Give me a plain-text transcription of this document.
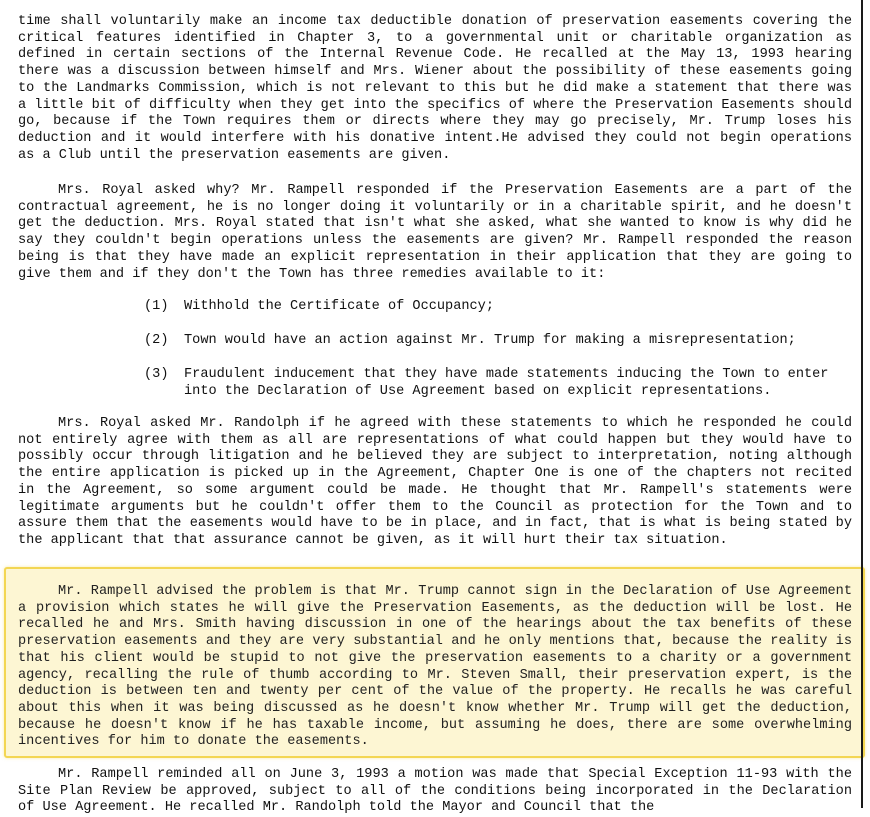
time shall voluntarily make an income tax deductible donation of preservation easements covering the critical features identified in Chapter 3, to a governmental unit or charitable organization as defined in certain sections of the Internal Revenue Code. He recalled at the May 13, 1993 hearing there was a discussion between himself and Mrs. Wiener about the possibility of these easements going to the Landmarks Commission, which is not relevant to this but he did make a statement that there was a little bit of difficulty when they get into the specifics of where the Preservation Easements should go, because if the Town requires them or directs where they may go precisely, Mr. Trump loses his deduction and it would interfere with his donative intent.He advised they could not begin operations as a Club until the preservation easements are given.

Mrs. Royal asked why? Mr. Rampell responded if the Preservation Easements are a part of the contractual agreement, he is no longer doing it voluntarily or in a charitable spirit, and he doesn't get the deduction. Mrs. Royal stated that isn't what she asked, what she wanted to know is why did he say they couldn't begin operations unless the easements are given? Mr. Rampell responded the reason being is that they have made an explicit representation in their application that they are going to give them and if they don't the Town has three remedies available to it:

(1)	Withhold the Certificate of Occupancy;
(2)	Town would have an action against Mr. Trump for making a misrepresentation;
(3)	Fraudulent inducement that they have made statements inducing the Town to enter into the Declaration of Use Agreement based on explicit representations.

Mrs. Royal asked Mr. Randolph if he agreed with these statements to which he responded he could not entirely agree with them as all are representations of what could happen but they would have to possibly occur through litigation and he believed they are subject to interpretation, noting although the entire application is picked up in the Agreement, Chapter One is one of the chapters not recited in the Agreement, so some argument could be made. He thought that Mr. Rampell's statements were legitimate arguments but he couldn't offer them to the Council as protection for the Town and to assure them that the easements would have to be in place, and in fact, that is what is being stated by the applicant that that assurance cannot be given, as it will hurt their tax situation.

Mr. Rampell advised the problem is that Mr. Trump cannot sign in the Declaration of Use Agreement a provision which states he will give the Preservation Easements, as the deduction will be lost. He recalled he and Mrs. Smith having discussion in one of the hearings about the tax benefits of these preservation easements and they are very substantial and he only mentions that, because the reality is that his client would be stupid to not give the preservation easements to a charity or a government agency, recalling the rule of thumb according to Mr. Steven Small, their preservation expert, is the deduction is between ten and twenty per cent of the value of the property. He recalls he was careful about this when it was being discussed as he doesn't know whether Mr. Trump will get the deduction, because he doesn't know if he has taxable income, but assuming he does, there are some overwhelming incentives for him to donate the easements.

Mr. Rampell reminded all on June 3, 1993 a motion was made that Special Exception 11-93 with the Site Plan Review be approved, subject to all of the conditions being incorporated in the Declaration of Use Agreement. He recalled Mr. Randolph told the Mayor and Council that the
